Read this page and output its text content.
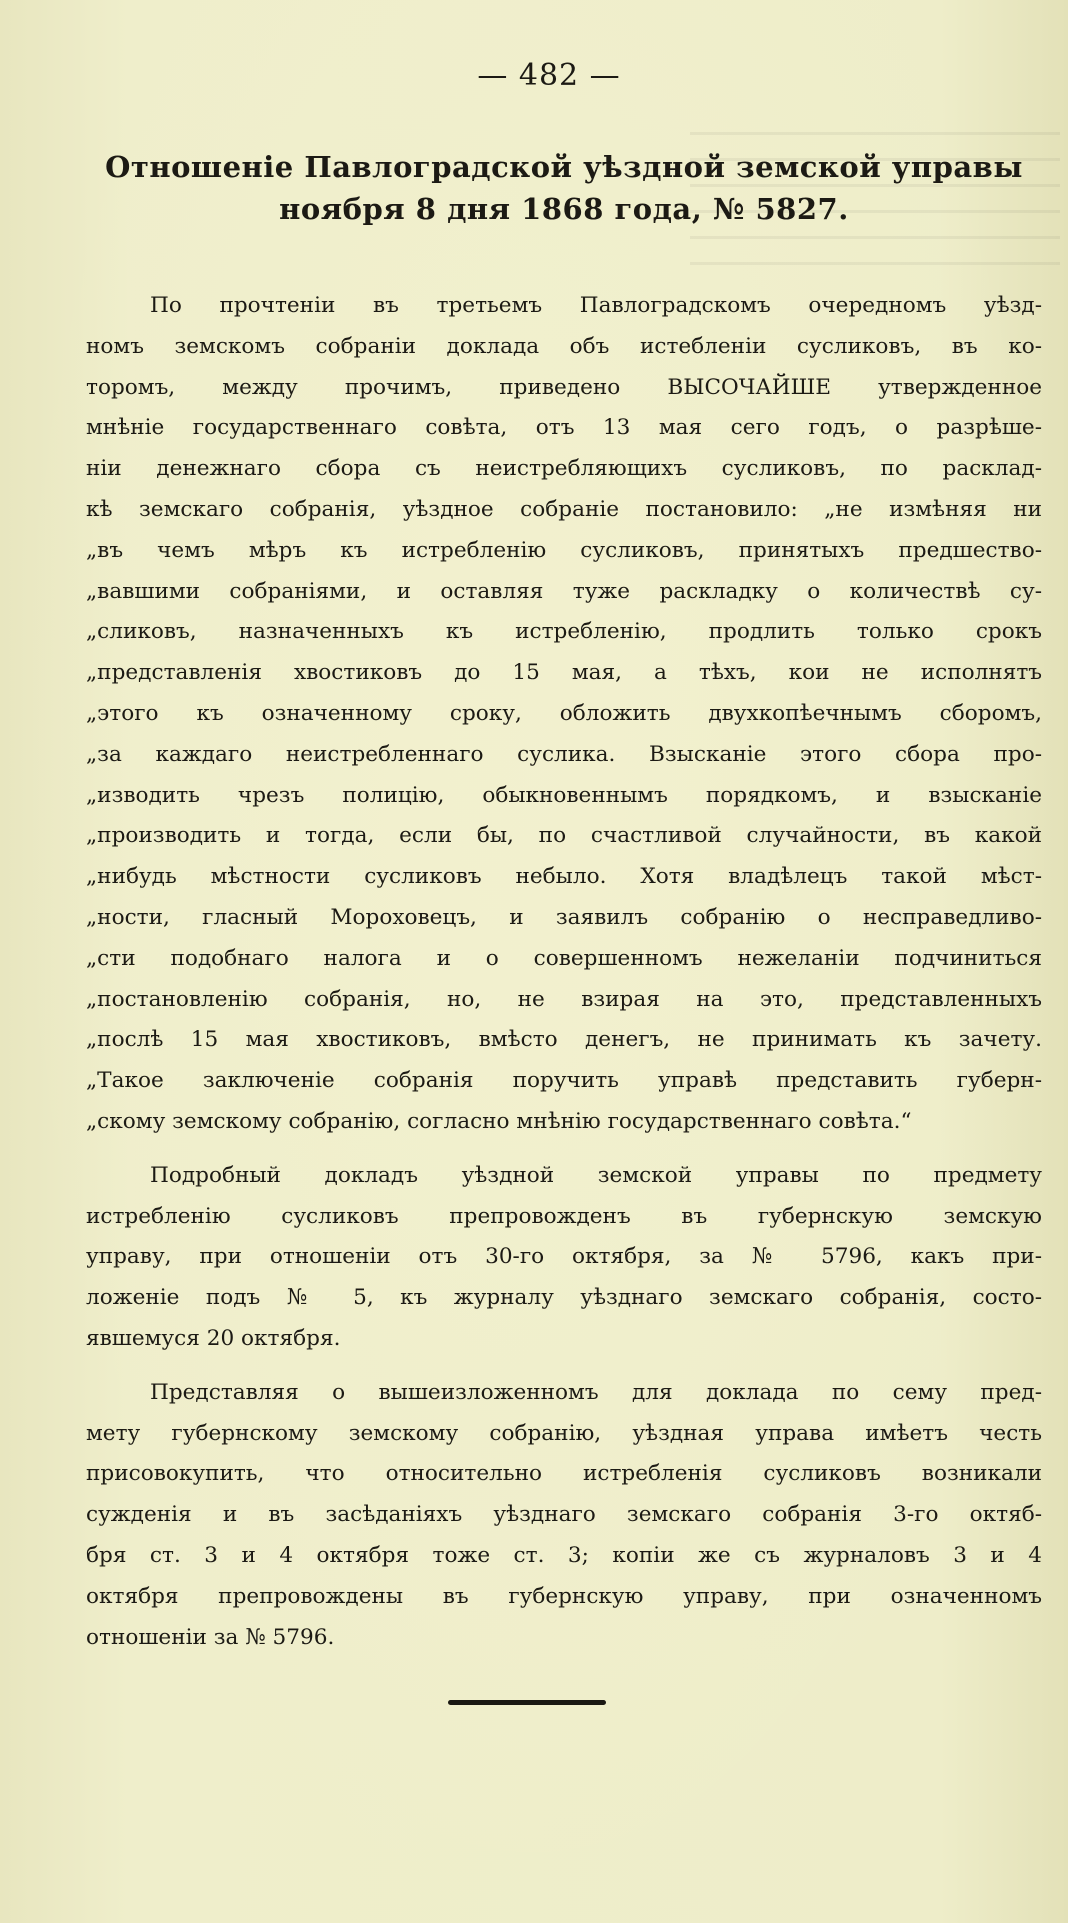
— 482 —
Отношенiе Павлоградской уѣздной земской управы
ноября 8 дня 1868 года, № 5827.

По прочтенiи въ третьемъ Павлоградскомъ очередномъ уѣзд-
номъ земскомъ собранiи доклада объ истебленiи сусликовъ, въ ко-
торомъ, между прочимъ, приведено ВЫСОЧАЙШЕ утвержденное
мнѣнiе государственнаго совѣта, отъ 13 мая сего годъ, о разрѣше-
нiи денежнаго сбора съ неистребляющихъ сусликовъ, по расклад-
кѣ земскаго собранiя, уѣздное собранiе постановило: „не измѣняя ни
„въ чемъ мѣръ къ истребленiю сусликовъ, принятыхъ предшество-
„вавшими собранiями, и оставляя туже раскладку о количествѣ су-
„сликовъ, назначенныхъ къ истребленiю, продлить только срокъ
„представленiя хвостиковъ до 15 мая, а тѣхъ, кои не исполнятъ
„этого къ означенному сроку, обложить двухкопѣечнымъ сборомъ,
„за каждаго неистребленнаго суслика. Взысканiе этого сбора про-
„изводить чрезъ полицiю, обыкновеннымъ порядкомъ, и взысканiе
„производить и тогда, если бы, по счастливой случайности, въ какой
„нибудь мѣстности сусликовъ небыло. Хотя владѣлецъ такой мѣст-
„ности, гласный Мороховецъ, и заявилъ собранiю о несправедливо-
„сти подобнаго налога и о совершенномъ нежеланiи подчиниться
„постановленiю собранiя, но, не взирая на это, представленныхъ
„послѣ 15 мая хвостиковъ, вмѣсто денегъ, не принимать къ зачету.
„Такое заключенiе собранiя поручить управѣ представить губерн-
„скому земскому собранiю, согласно мнѣнiю государственнаго совѣта.“

Подробный докладъ уѣздной земской управы по предмету
истребленiю сусликовъ препровожденъ въ губернскую земскую
управу, при отношенiи отъ 30-го октября, за № 5796, какъ при-
ложенiе подъ № 5, къ журналу уѣзднаго земскаго собранiя, состо-
явшемуся 20 октября.

Представляя о вышеизложенномъ для доклада по сему пред-
мету губернскому земскому собранiю, уѣздная управа имѣетъ честь
присовокупить, что относительно истребленiя сусликовъ возникали
сужденiя и въ засѣданiяхъ уѣзднаго земскаго собранiя 3-го октяб-
бря ст. 3 и 4 октября тоже ст. 3; копiи же съ журналовъ 3 и 4
октября препровождены въ губернскую управу, при означенномъ
отношенiи за № 5796.
